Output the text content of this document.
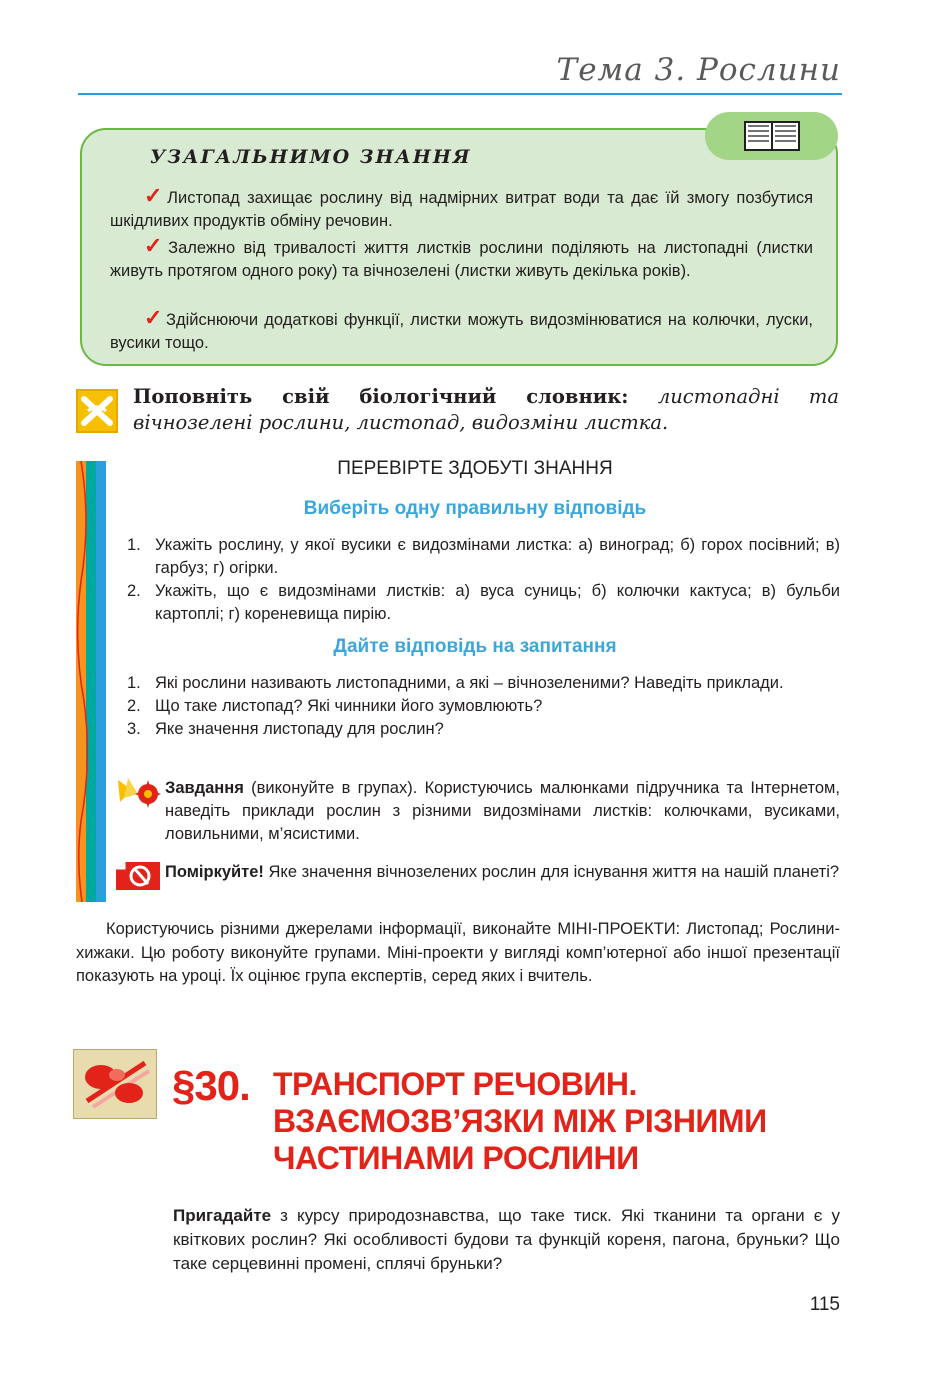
Тема 3. Рослини
УЗАГАЛЬНИМО ЗНАННЯ
✓ Листопад захищає рослину від надмірних витрат води та дає їй змогу позбутися шкідливих продуктів обміну речовин.
✓ Залежно від тривалості життя листків рослини поділяють на листопадні (листки живуть протягом одного року) та вічнозелені (листки живуть декілька років).
✓ Здійснюючи додаткові функції, листки можуть видозмінюватися на колючки, луски, вусики тощо.
Поповніть свій біологічний словник: листопадні та вічнозелені рослини, листопад, видозміни листка.
ПЕРЕВІРТЕ ЗДОБУТІ ЗНАННЯ
Виберіть одну правильну відповідь
1. Укажіть рослину, у якої вусики є видозмінами листка: а) виноград; б) горох посівний; в) гарбуз; г) огірки.
2. Укажіть, що є видозмінами листків: а) вуса суниць; б) колючки кактуса; в) бульби картоплі; г) кореневища пирію.
Дайте відповідь на запитання
1. Які рослини називають листопадними, а які – вічнозеленими? Наведіть приклади.
2. Що таке листопад? Які чинники його зумовлюють?
3. Яке значення листопаду для рослин?
Завдання (виконуйте в групах). Користуючись малюнками підручника та Інтернетом, наведіть приклади рослин з різними видозмінами листків: колючками, вусиками, ловильними, м’ясистими.
Поміркуйте! Яке значення вічнозелених рослин для існування життя на нашій планеті?
Користуючись різними джерелами інформації, виконайте МІНІ-ПРОЕКТИ: Листопад; Рослини-хижаки. Цю роботу виконуйте групами. Міні-проекти у вигляді комп’ютерної або іншої презентації показують на уроці. Їх оцінює група експертів, серед яких і вчитель.
§30. ТРАНСПОРТ РЕЧОВИН.
ВЗАЄМОЗВ’ЯЗКИ МІЖ РІЗНИМИ
ЧАСТИНАМИ РОСЛИНИ
Пригадайте з курсу природознавства, що таке тиск. Які тканини та органи є у квіткових рослин? Які особливості будови та функцій кореня, пагона, бруньки? Що таке серцевинні промені, сплячі бруньки?
115
